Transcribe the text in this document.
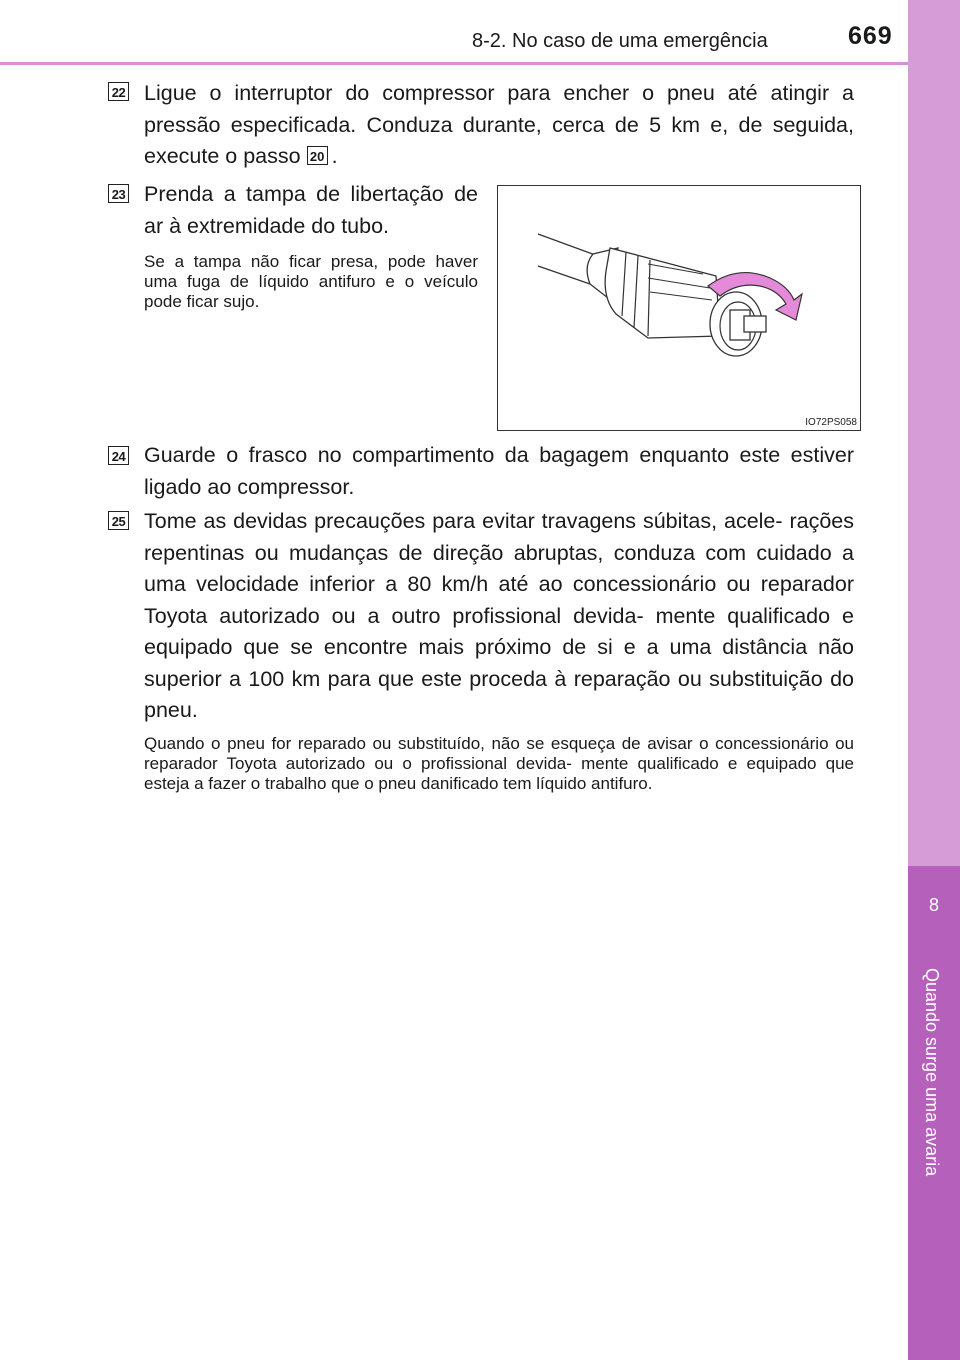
8-2. No caso de uma emergência	669
8
Quando surge uma avaria
22 Ligue o interruptor do compressor para encher o pneu até atingir a pressão especificada. Conduza durante, cerca de 5 km e, de seguida, execute o passo 20 .
23 Prenda a tampa de libertação de ar à extremidade do tubo.
Se a tampa não ficar presa, pode haver uma fuga de líquido antifuro e o veículo pode ficar sujo.
IO72PS058
24 Guarde o frasco no compartimento da bagagem enquanto este estiver ligado ao compressor.
25 Tome as devidas precauções para evitar travagens súbitas, acele- rações repentinas ou mudanças de direção abruptas, conduza com cuidado a uma velocidade inferior a 80 km/h até ao concessionário ou reparador Toyota autorizado ou a outro profissional devida- mente qualificado e equipado que se encontre mais próximo de si e a uma distância não superior a 100 km para que este proceda à reparação ou substituição do pneu.
Quando o pneu for reparado ou substituído, não se esqueça de avisar o concessionário ou reparador Toyota autorizado ou o profissional devida- mente qualificado e equipado que esteja a fazer o trabalho que o pneu danificado tem líquido antifuro.
